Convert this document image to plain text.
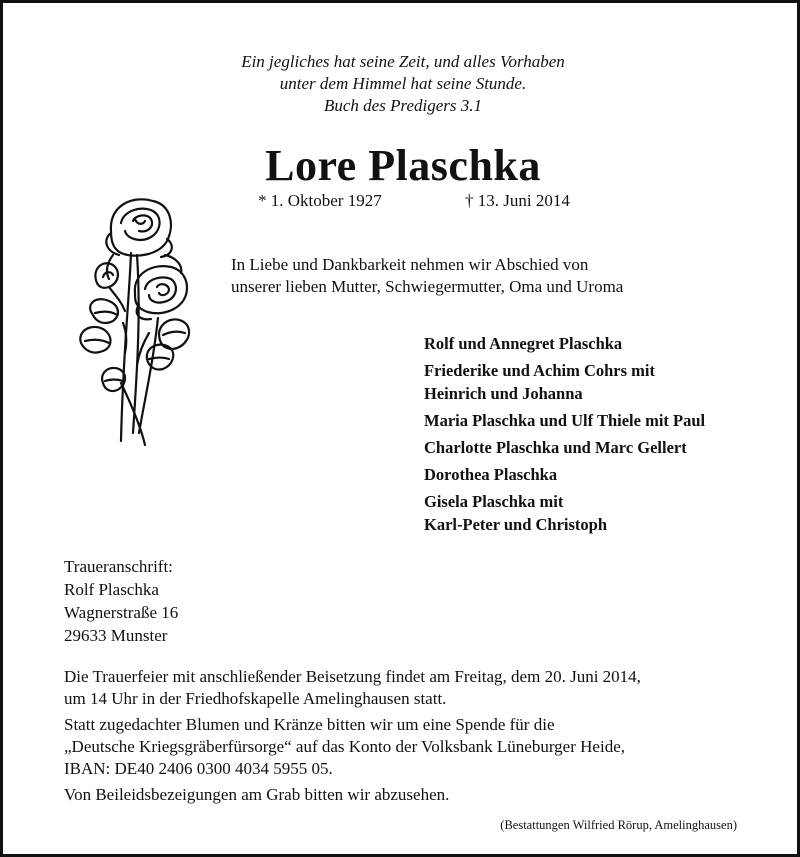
Ein jegliches hat seine Zeit, und alles Vorhaben
unter dem Himmel hat seine Stunde.
Buch des Predigers 3.1
Lore Plaschka
* 1. Oktober 1927	† 13. Juni 2014
In Liebe und Dankbarkeit nehmen wir Abschied von
unserer lieben Mutter, Schwiegermutter, Oma und Uroma
Rolf und Annegret Plaschka
Friederike und Achim Cohrs mit
Heinrich und Johanna
Maria Plaschka und Ulf Thiele mit Paul
Charlotte Plaschka und Marc Gellert
Dorothea Plaschka
Gisela Plaschka mit
Karl-Peter und Christoph
Traueranschrift:
Rolf Plaschka
Wagnerstraße 16
29633 Munster
Die Trauerfeier mit anschließender Beisetzung findet am Freitag, dem 20. Juni 2014,
um 14 Uhr in der Friedhofskapelle Amelinghausen statt.
Statt zugedachter Blumen und Kränze bitten wir um eine Spende für die
„Deutsche Kriegsgräberfürsorge“ auf das Konto der Volksbank Lüneburger Heide,
IBAN: DE40 2406 0300 4034 5955 05.
Von Beileidsbezeigungen am Grab bitten wir abzusehen.
(Bestattungen Wilfried Rörup, Amelinghausen)
